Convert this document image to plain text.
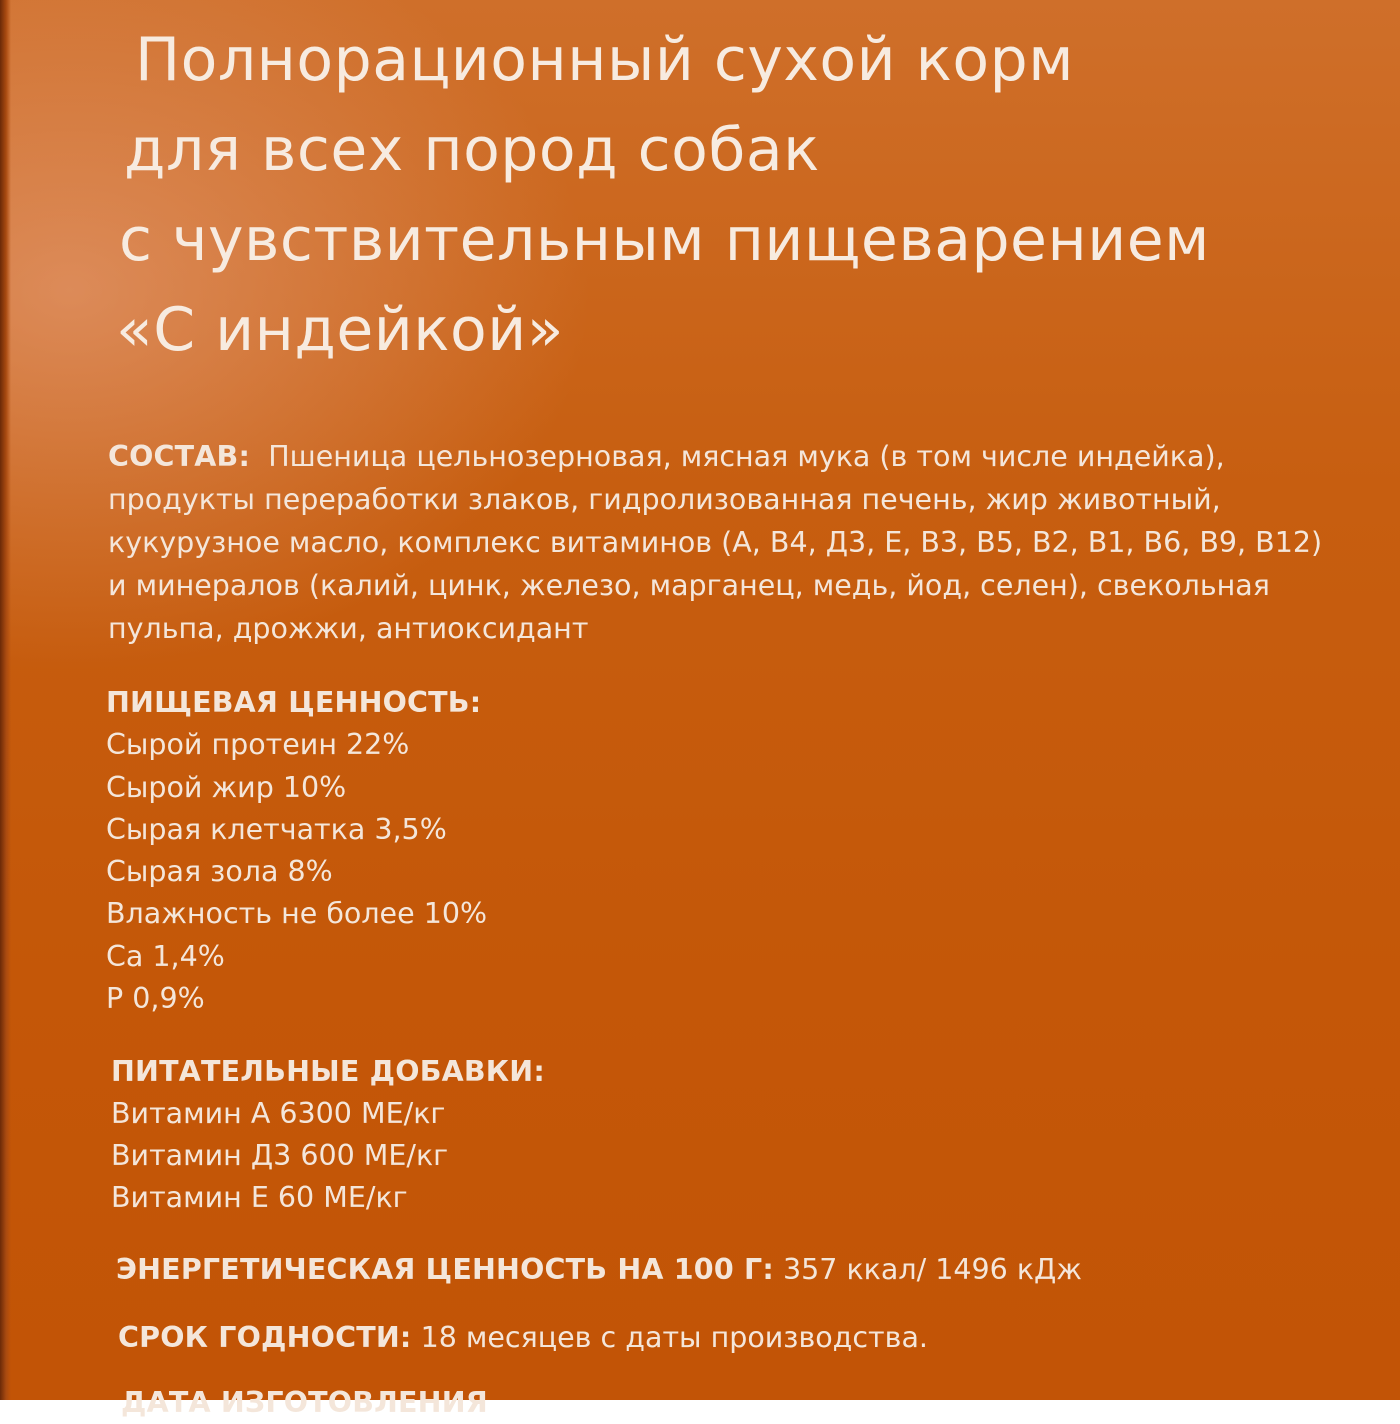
Полнорационный сухой корм
для всех пород собак
с чувствительным пищеварением
«С индейкой»
СОСТАВ: Пшеница цельнозерновая, мясная мука (в том числе индейка),
продукты переработки злаков, гидролизованная печень, жир животный,
кукурузное масло, комплекс витаминов (А, В4, Д3, Е, В3, В5, В2, В1, В6, В9, В12)
и минералов (калий, цинк, железо, марганец, медь, йод, селен), свекольная
пульпа, дрожжи, антиоксидант
ПИЩЕВАЯ ЦЕННОСТЬ:
Сырой протеин 22%
Сырой жир 10%
Сырая клетчатка 3,5%
Сырая зола 8%
Влажность не более 10%
Ca 1,4%
P 0,9%
ПИТАТЕЛЬНЫЕ ДОБАВКИ:
Витамин А 6300 МЕ/кг
Витамин Д3 600 МЕ/кг
Витамин Е 60 МЕ/кг
ЭНЕРГЕТИЧЕСКАЯ ЦЕННОСТЬ НА 100 Г: 357 ккал/ 1496 кДж
СРОК ГОДНОСТИ: 18 месяцев с даты производства.
ДАТА ИЗГОТОВЛЕНИЯ
